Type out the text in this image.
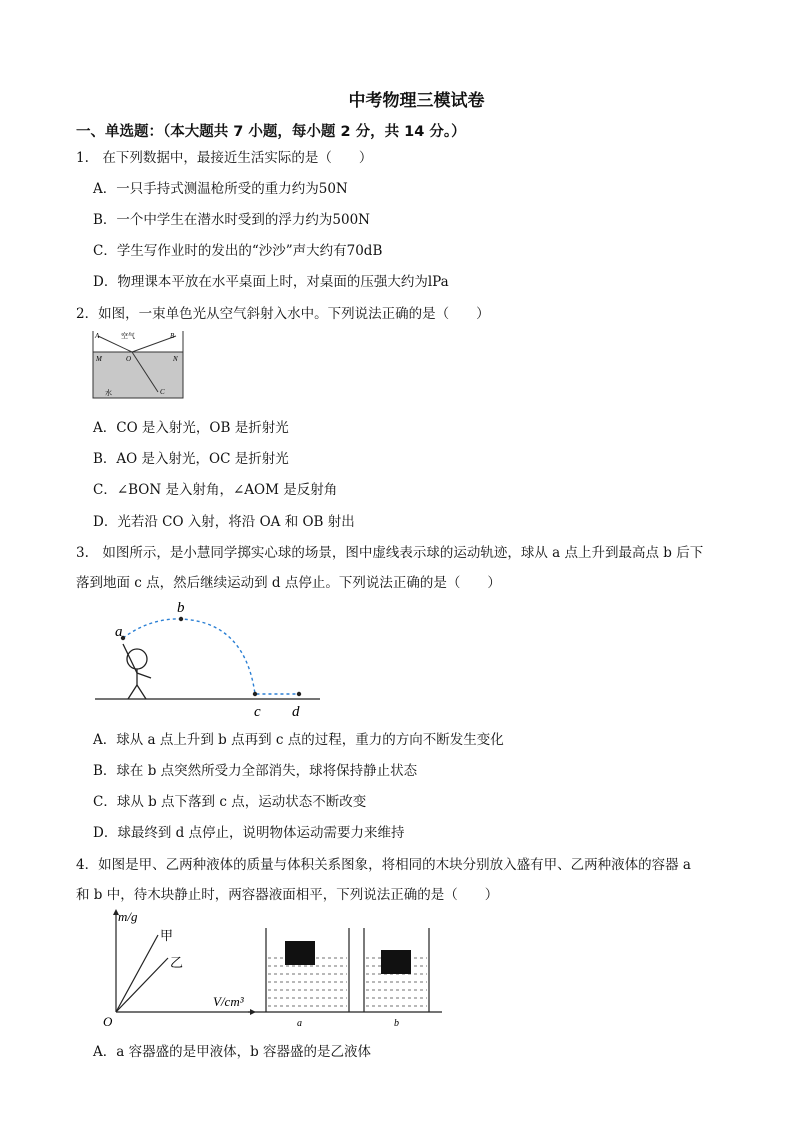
中考物理三模试卷
一、单选题：（本大题共 7 小题，每小题 2 分，共 14 分。）
1.　在下列数据中，最接近生活实际的是（　　）
A．一只手持式测温枪所受的重力约为50N
B．一个中学生在潜水时受到的浮力约为500N
C．学生写作业时的发出的“沙沙”声大约有70dB
D．物理课本平放在水平桌面上时，对桌面的压强大约为lPa
2．如图，一束单色光从空气斜射入水中。下列说法正确的是（　　）
A	空气	B
M	O	N
水	C
A．CO 是入射光，OB 是折射光
B．AO 是入射光，OC 是折射光
C．∠BON 是入射角，∠AOM 是反射角
D．光若沿 CO 入射，将沿 OA 和 OB 射出
3.　如图所示，是小慧同学掷实心球的场景，图中虚线表示球的运动轨迹，球从 a 点上升到最高点 b 后下
落到地面 c 点，然后继续运动到 d 点停止。下列说法正确的是（　　）
a
b
c d
A．球从 a 点上升到 b 点再到 c 点的过程，重力的方向不断发生变化
B．球在 b 点突然所受力全部消失，球将保持静止状态
C．球从 b 点下落到 c 点，运动状态不断改变
D．球最终到 d 点停止，说明物体运动需要力来维持
4．如图是甲、乙两种液体的质量与体积关系图象，将相同的木块分别放入盛有甲、乙两种液体的容器 a
和 b 中，待木块静止时，两容器液面相平，下列说法正确的是（　　）
m/g
V/cm³
O
甲
乙
a	b
A．a 容器盛的是甲液体，b 容器盛的是乙液体
